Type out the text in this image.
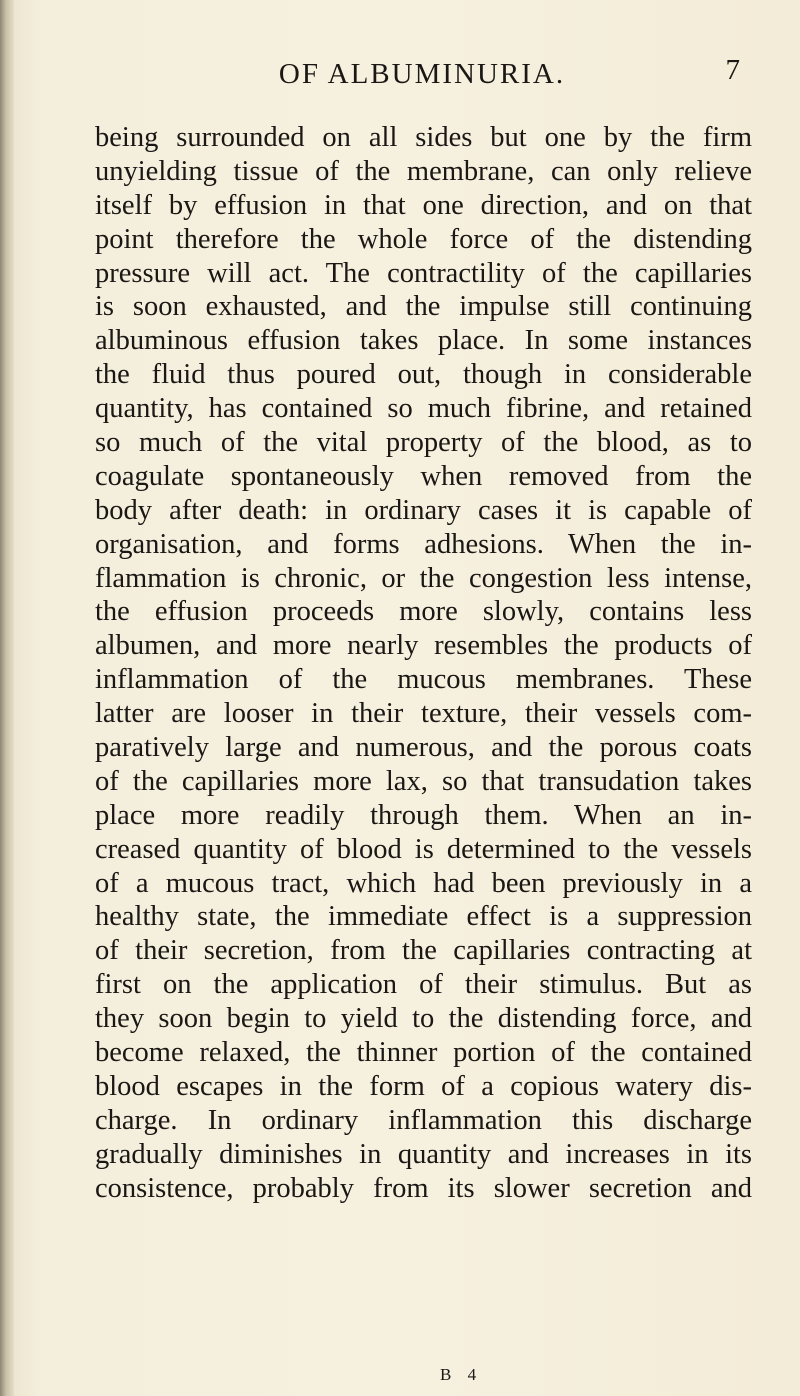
OF ALBUMINURIA.	7
being surrounded on all sides but one by the firm
unyielding tissue of the membrane, can only relieve
itself by effusion in that one direction, and on that
point therefore the whole force of the distending
pressure will act. The contractility of the capillaries
is soon exhausted, and the impulse still continuing
albuminous effusion takes place. In some instances
the fluid thus poured out, though in considerable
quantity, has contained so much fibrine, and retained
so much of the vital property of the blood, as to
coagulate spontaneously when removed from the
body after death: in ordinary cases it is capable of
organisation, and forms adhesions. When the in-
flammation is chronic, or the congestion less intense,
the effusion proceeds more slowly, contains less
albumen, and more nearly resembles the products of
inflammation of the mucous membranes. These
latter are looser in their texture, their vessels com-
paratively large and numerous, and the porous coats
of the capillaries more lax, so that transudation takes
place more readily through them. When an in-
creased quantity of blood is determined to the vessels
of a mucous tract, which had been previously in a
healthy state, the immediate effect is a suppression
of their secretion, from the capillaries contracting at
first on the application of their stimulus. But as
they soon begin to yield to the distending force, and
become relaxed, the thinner portion of the contained
blood escapes in the form of a copious watery dis-
charge. In ordinary inflammation this discharge
gradually diminishes in quantity and increases in its
consistence, probably from its slower secretion and
B 4
